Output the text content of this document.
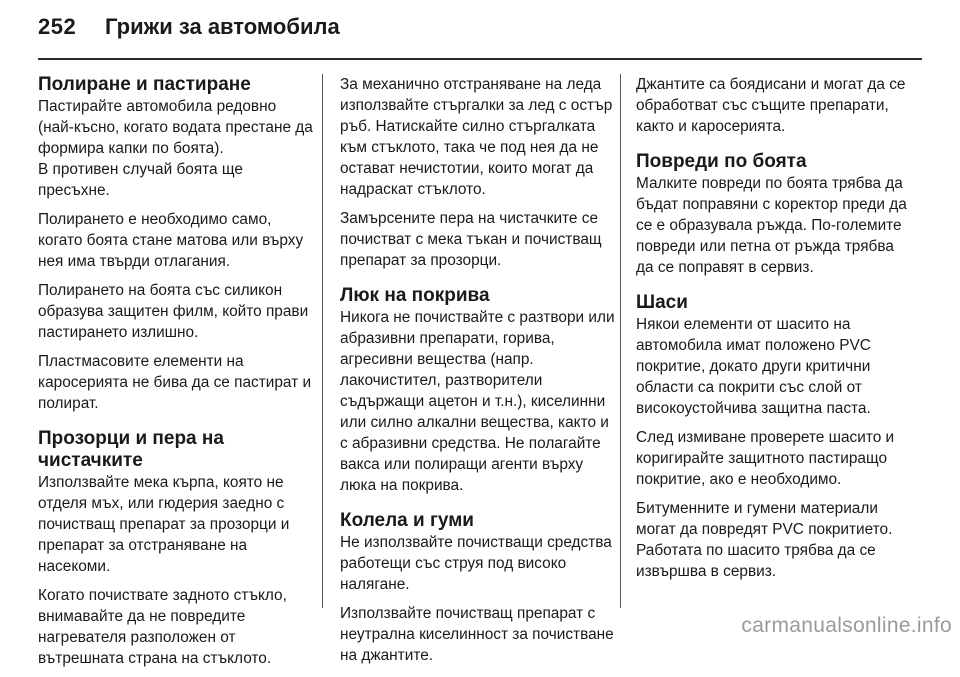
252 Грижи за автомобила
Полиране и пастиране

Пастирайте автомобила редовно (най-късно, когато водата престане да формира капки по боята).

В противен случай боята ще пресъхне.

Полирането е необходимо само, когато боята стане матова или върху нея има твърди отлагания.

Полирането на боята със силикон образува защитен филм, който прави пастирането излишно.

Пластмасовите елементи на каросерията не бива да се пастират и полират.

Прозорци и пера на чистачките

Използвайте мека кърпа, която не отделя мъх, или гюдерия заедно с почистващ препарат за прозорци и препарат за отстраняване на насекоми.

Когато почиствате задното стъкло, внимавайте да не повредите нагревателя разположен от вътрешната страна на стъклото.

За механично отстраняване на леда използвайте стъргалки за лед с остър ръб. Натискайте силно стъргалката към стъклото, така че под нея да не остават нечистотии, които могат да надраскат стъклото.

Замърсените пера на чистачките се почистват с мека тъкан и почистващ препарат за прозорци.

Люк на покрива

Никога не почиствайте с разтвори или абразивни препарати, горива, агресивни вещества (напр. лакочистител, разтворители съдържащи ацетон и т.н.), киселинни или силно алкални вещества, както и с абразивни средства. Не полагайте вакса или полиращи агенти върху люка на покрива.

Колела и гуми

Не използвайте почистващи средства работещи със струя под високо налягане.

Използвайте почистващ препарат с неутрална киселинност за почистване на джантите.

Джантите са боядисани и могат да се обработват със същите препарати, както и каросерията.

Повреди по боята

Малките повреди по боята трябва да бъдат поправяни с коректор преди да се е образувала ръжда. По-големите повреди или петна от ръжда трябва да се поправят в сервиз.

Шаси

Някои елементи от шасито на автомобила имат положено PVC покритие, докато други критични области са покрити със слой от високоустойчива защитна паста.

След измиване проверете шасито и коригирайте защитното пастиращо покритие, ако е необходимо.

Битуменните и гумени материали могат да повредят PVC покритието. Работата по шасито трябва да се извършва в сервиз.

carmanualsonline.info
